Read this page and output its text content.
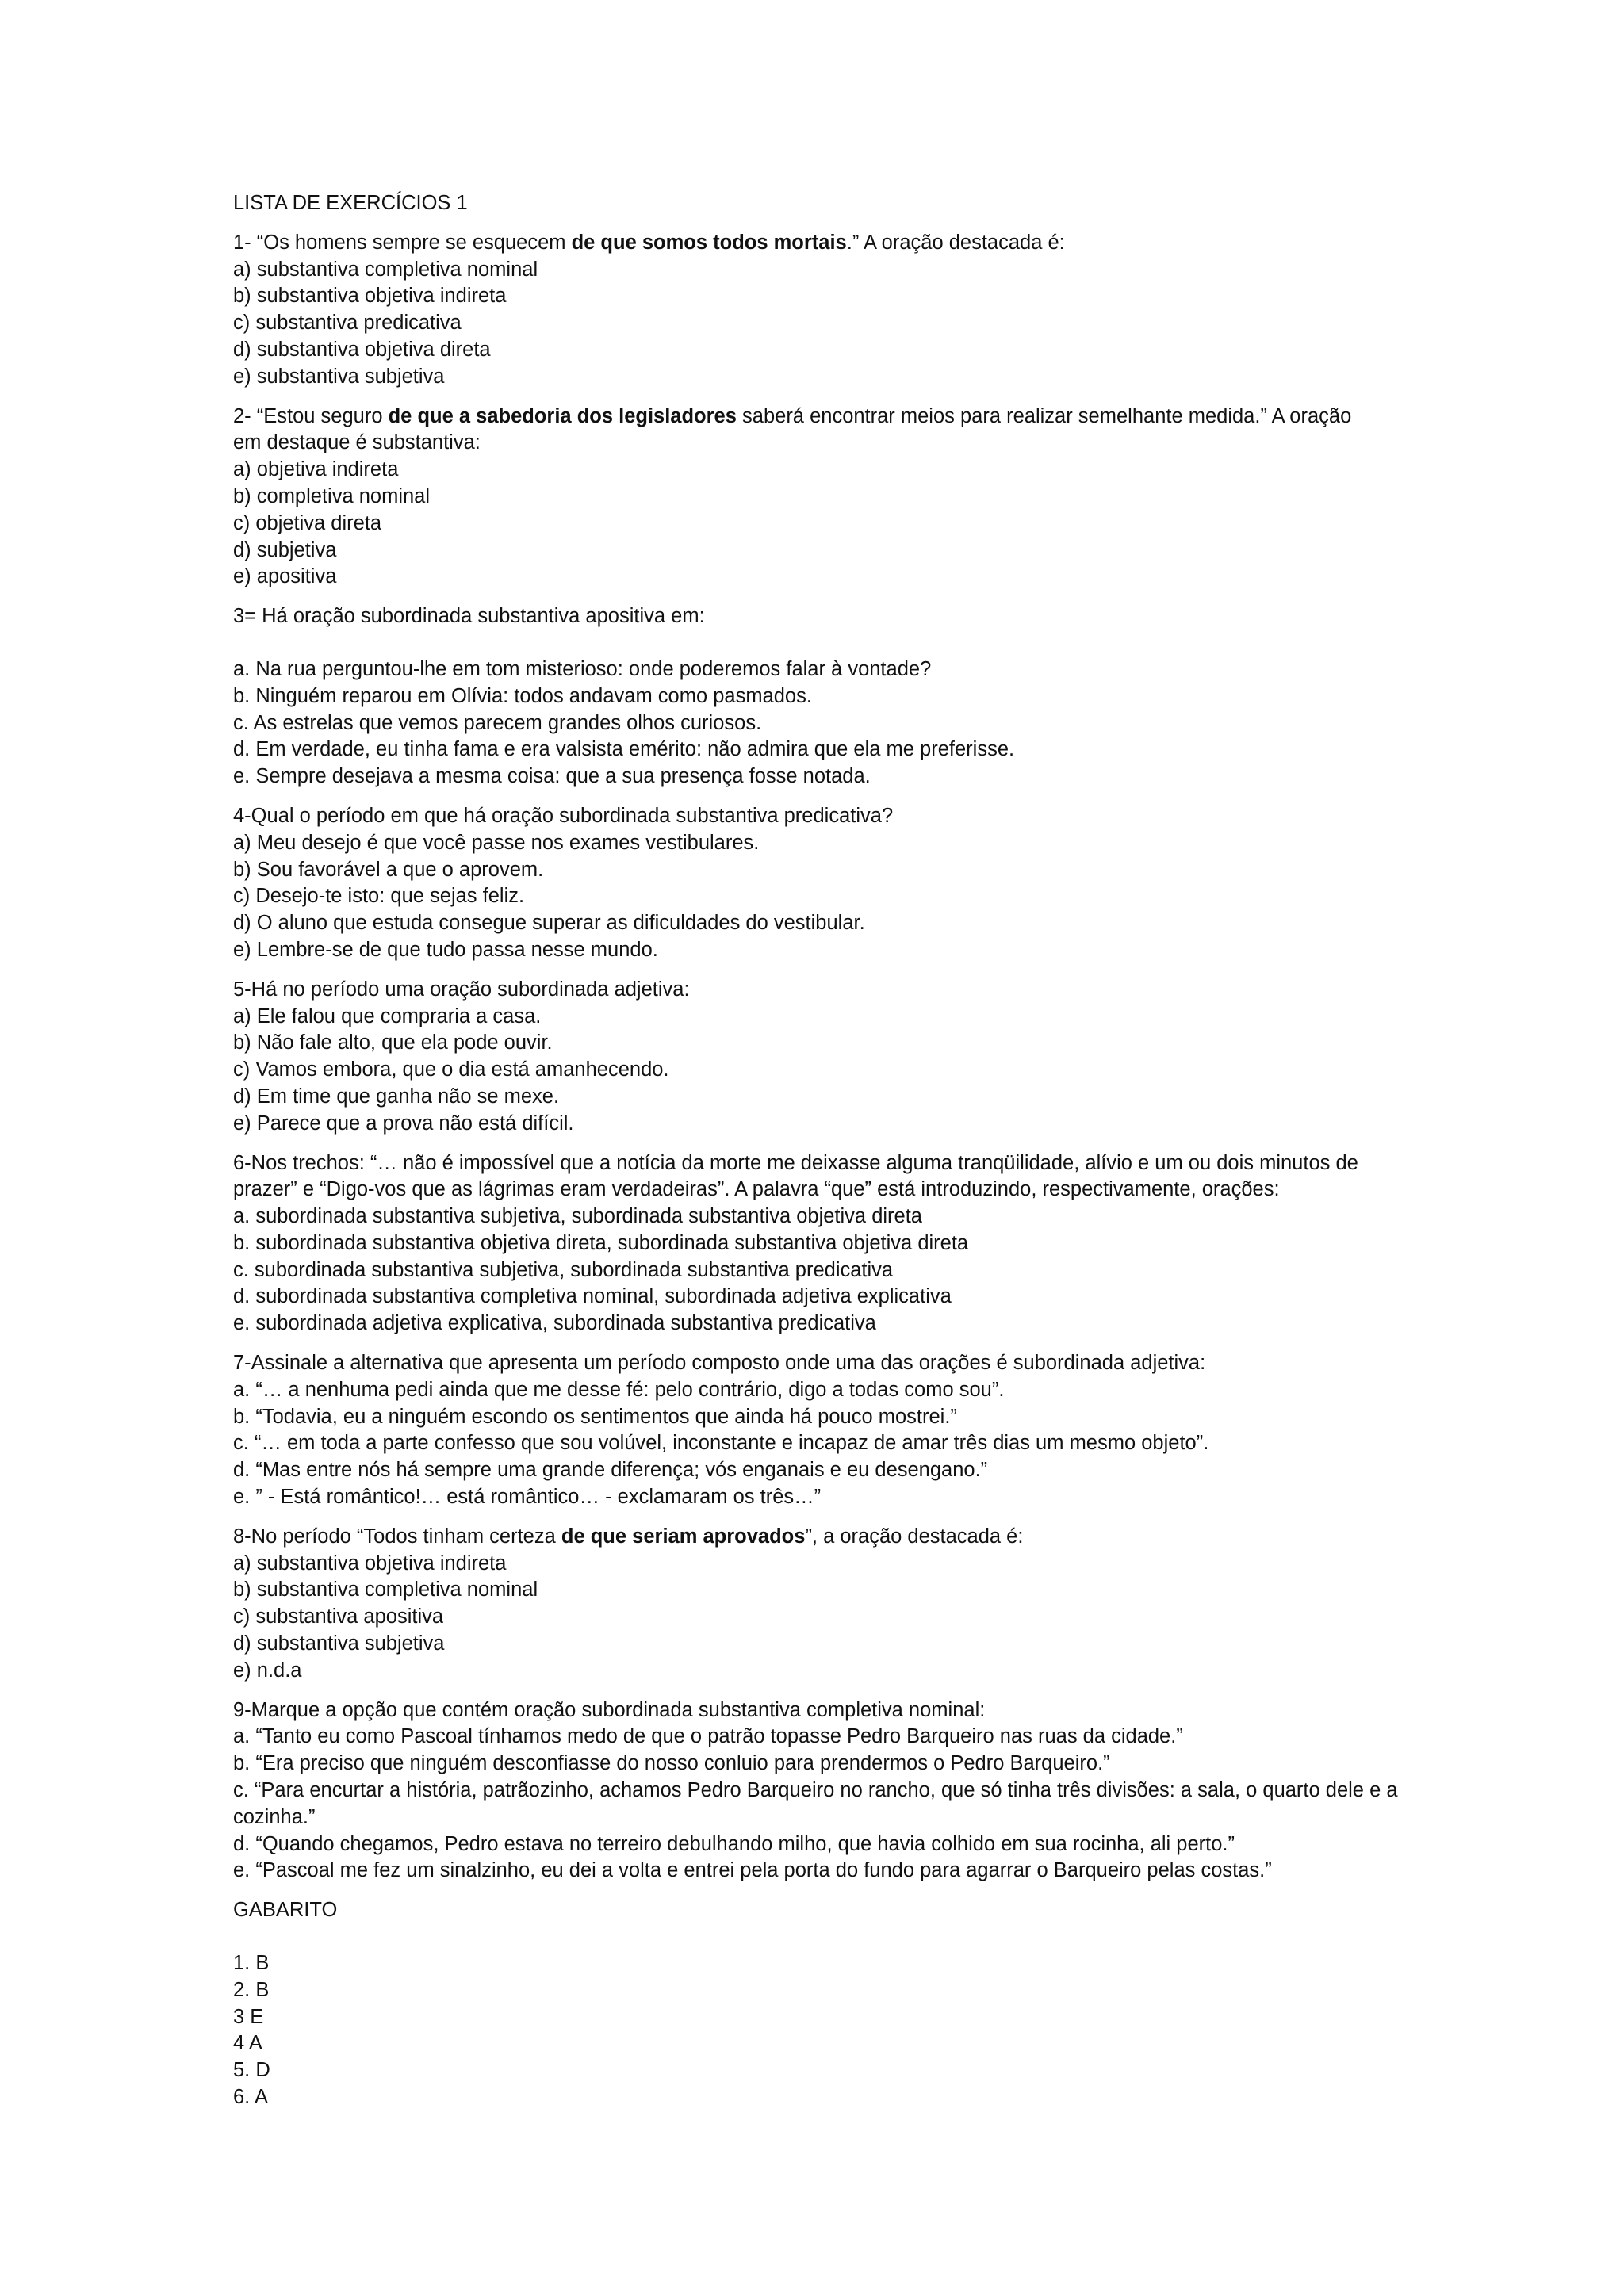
LISTA DE EXERCÍCIOS 1
1- “Os homens sempre se esquecem de que somos todos mortais.” A oração destacada é:
a) substantiva completiva nominal
b) substantiva objetiva indireta
c) substantiva predicativa
d) substantiva objetiva direta
e) substantiva subjetiva
2- “Estou seguro de que a sabedoria dos legisladores saberá encontrar meios para realizar semelhante medida.” A oração em destaque é substantiva:
a) objetiva indireta
b) completiva nominal
c) objetiva direta
d) subjetiva
e) apositiva
3= Há oração subordinada substantiva apositiva em:
a. Na rua perguntou-lhe em tom misterioso: onde poderemos falar à vontade?
b. Ninguém reparou em Olívia: todos andavam como pasmados.
c. As estrelas que vemos parecem grandes olhos curiosos.
d. Em verdade, eu tinha fama e era valsista emérito: não admira que ela me preferisse.
e. Sempre desejava a mesma coisa: que a sua presença fosse notada.
4-Qual o período em que há oração subordinada substantiva predicativa?
a) Meu desejo é que você passe nos exames vestibulares.
b) Sou favorável a que o aprovem.
c) Desejo-te isto: que sejas feliz.
d) O aluno que estuda consegue superar as dificuldades do vestibular.
e) Lembre-se de que tudo passa nesse mundo.
5-Há no período uma oração subordinada adjetiva:
a) Ele falou que compraria a casa.
b) Não fale alto, que ela pode ouvir.
c) Vamos embora, que o dia está amanhecendo.
d) Em time que ganha não se mexe.
e) Parece que a prova não está difícil.
6-Nos trechos: “… não é impossível que a notícia da morte me deixasse alguma tranqüilidade, alívio e um ou dois minutos de
prazer” e “Digo-vos que as lágrimas eram verdadeiras”. A palavra “que” está introduzindo, respectivamente, orações:
a. subordinada substantiva subjetiva, subordinada substantiva objetiva direta
b. subordinada substantiva objetiva direta, subordinada substantiva objetiva direta
c. subordinada substantiva subjetiva, subordinada substantiva predicativa
d. subordinada substantiva completiva nominal, subordinada adjetiva explicativa
e. subordinada adjetiva explicativa, subordinada substantiva predicativa
7-Assinale a alternativa que apresenta um período composto onde uma das orações é subordinada adjetiva:
a. “… a nenhuma pedi ainda que me desse fé: pelo contrário, digo a todas como sou”.
b. “Todavia, eu a ninguém escondo os sentimentos que ainda há pouco mostrei.”
c. “… em toda a parte confesso que sou volúvel, inconstante e incapaz de amar três dias um mesmo objeto”.
d. “Mas entre nós há sempre uma grande diferença; vós enganais e eu desengano.”
e. ” - Está romântico!… está romântico… - exclamaram os três…”
8-No período “Todos tinham certeza de que seriam aprovados”, a oração destacada é:
a) substantiva objetiva indireta
b) substantiva completiva nominal
c) substantiva apositiva
d) substantiva subjetiva
e) n.d.a
9-Marque a opção que contém oração subordinada substantiva completiva nominal:
a. “Tanto eu como Pascoal tínhamos medo de que o patrão topasse Pedro Barqueiro nas ruas da cidade.”
b. “Era preciso que ninguém desconfiasse do nosso conluio para prendermos o Pedro Barqueiro.”
c. “Para encurtar a história, patrãozinho, achamos Pedro Barqueiro no rancho, que só tinha três divisões: a sala, o quarto dele e a
cozinha.”
d. “Quando chegamos, Pedro estava no terreiro debulhando milho, que havia colhido em sua rocinha, ali perto.”
e. “Pascoal me fez um sinalzinho, eu dei a volta e entrei pela porta do fundo para agarrar o Barqueiro pelas costas.”
GABARITO
1. B
2. B
3 E
4 A
5. D
6. A
